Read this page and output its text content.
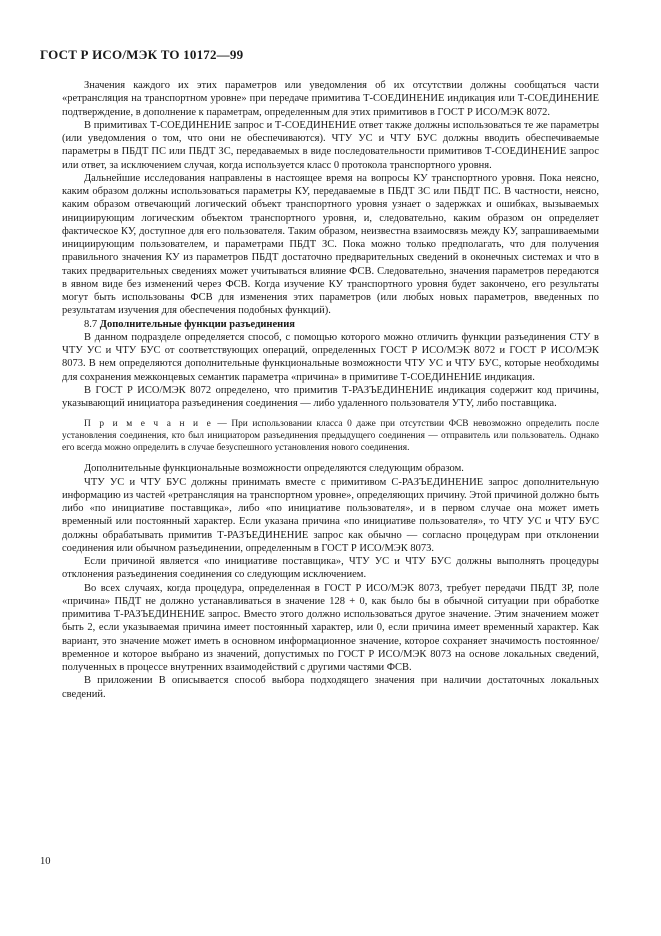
ГОСТ Р ИСО/МЭК ТО 10172—99

Значения каждого их этих параметров или уведомления об их отсутствии должны сообщаться части «ретрансляция на транспортном уровне» при передаче примитива Т-СОЕДИНЕНИЕ индикация или Т-СОЕДИНЕНИЕ подтверждение, в дополнение к параметрам, определенным для этих примитивов в ГОСТ Р ИСО/МЭК 8072.

В примитивах Т-СОЕДИНЕНИЕ запрос и Т-СОЕДИНЕНИЕ ответ также должны использоваться те же параметры (или уведомления о том, что они не обеспечиваются). ЧТУ УС и ЧТУ БУС должны вводить обеспечиваемые параметры в ПБДТ ПС или ПБДТ ЗС, передаваемых в виде последовательности примитивов Т-СОЕДИНЕНИЕ запрос или ответ, за исключением случая, когда используется класс 0 протокола транспортного уровня.

Дальнейшие исследования направлены в настоящее время на вопросы КУ транспортного уровня. Пока неясно, каким образом должны использоваться параметры КУ, передаваемые в ПБДТ ЗС или ПБДТ ПС. В частности, неясно, каким образом отвечающий логический объект транспортного уровня узнает о задержках и ошибках, вызываемых инициирующим логическим объектом транспортного уровня, и, следовательно, каким образом он определяет фактическое КУ, доступное для его пользователя. Таким образом, неизвестна взаимосвязь между КУ, запрашиваемыми инициирующим пользователем, и параметрами ПБДТ ЗС. Пока можно только предполагать, что для получения правильного значения КУ из параметров ПБДТ достаточно предварительных сведений в оконечных системах и что в таких предварительных сведениях может учитываться влияние ФСВ. Следовательно, значения параметров передаются в явном виде без изменений через ФСВ. Когда изучение КУ транспортного уровня будет закончено, его результаты могут быть использованы ФСВ для изменения этих параметров (или любых новых параметров, введенных по результатам изучения для обеспечения подобных функций).

8.7 Дополнительные функции разъединения

В данном подразделе определяется способ, с помощью которого можно отличить функции разъединения СТУ в ЧТУ УС и ЧТУ БУС от соответствующих операций, определенных ГОСТ Р ИСО/МЭК 8072 и ГОСТ Р ИСО/МЭК 8073. В нем определяются дополнительные функциональные возможности ЧТУ УС и ЧТУ БУС, которые необходимы для сохранения межконцевых семантик параметра «причина» в примитиве Т-СОЕДИНЕНИЕ индикация.

В ГОСТ Р ИСО/МЭК 8072 определено, что примитив Т-РАЗЪЕДИНЕНИЕ индикация содержит код причины, указывающий инициатора разъединения соединения — либо удаленного пользователя УТУ, либо поставщика.

П р и м е ч а н и е — При использовании класса 0 даже при отсутствии ФСВ невозможно определить после установления соединения, кто был инициатором разъединения предыдущего соединения — отправитель или пользователь. Однако его всегда можно определить в случае безуспешного установления нового соединения.

Дополнительные функциональные возможности определяются следующим образом.

ЧТУ УС и ЧТУ БУС должны принимать вместе с примитивом С-РАЗЪЕДИНЕНИЕ запрос дополнительную информацию из частей «ретрансляция на транспортном уровне», определяющих причину. Этой причиной должно быть либо «по инициативе поставщика», либо «по инициативе пользователя», и в первом случае она может иметь временный или постоянный характер. Если указана причина «по инициативе пользователя», то ЧТУ УС и ЧТУ БУС должны обрабатывать примитив Т-РАЗЪЕДИНЕНИЕ запрос как обычно — согласно процедурам при отклонении соединения или обычном разъединении, определенным в ГОСТ Р ИСО/МЭК 8073.

Если причиной является «по инициативе поставщика», ЧТУ УС и ЧТУ БУС должны выполнять процедуры отклонения разъединения соединения со следующим исключением.

Во всех случаях, когда процедура, определенная в ГОСТ Р ИСО/МЭК 8073, требует передачи ПБДТ ЗР, поле «причина» ПБДТ не должно устанавливаться в значение 128 + 0, как было бы в обычной ситуации при обработке примитива Т-РАЗЪЕДИНЕНИЕ запрос. Вместо этого должно использоваться другое значение. Этим значением может быть 2, если указываемая причина имеет постоянный характер, или 0, если причина имеет временный характер. Как вариант, это значение может иметь в основном информационное значение, которое сохраняет значимость постоянное/временное и которое выбрано из значений, допустимых по ГОСТ Р ИСО/МЭК 8073 на основе локальных сведений, полученных в процессе внутренних взаимодействий с другими частями ФСВ.

В приложении В описывается способ выбора подходящего значения при наличии достаточных локальных сведений.

10
